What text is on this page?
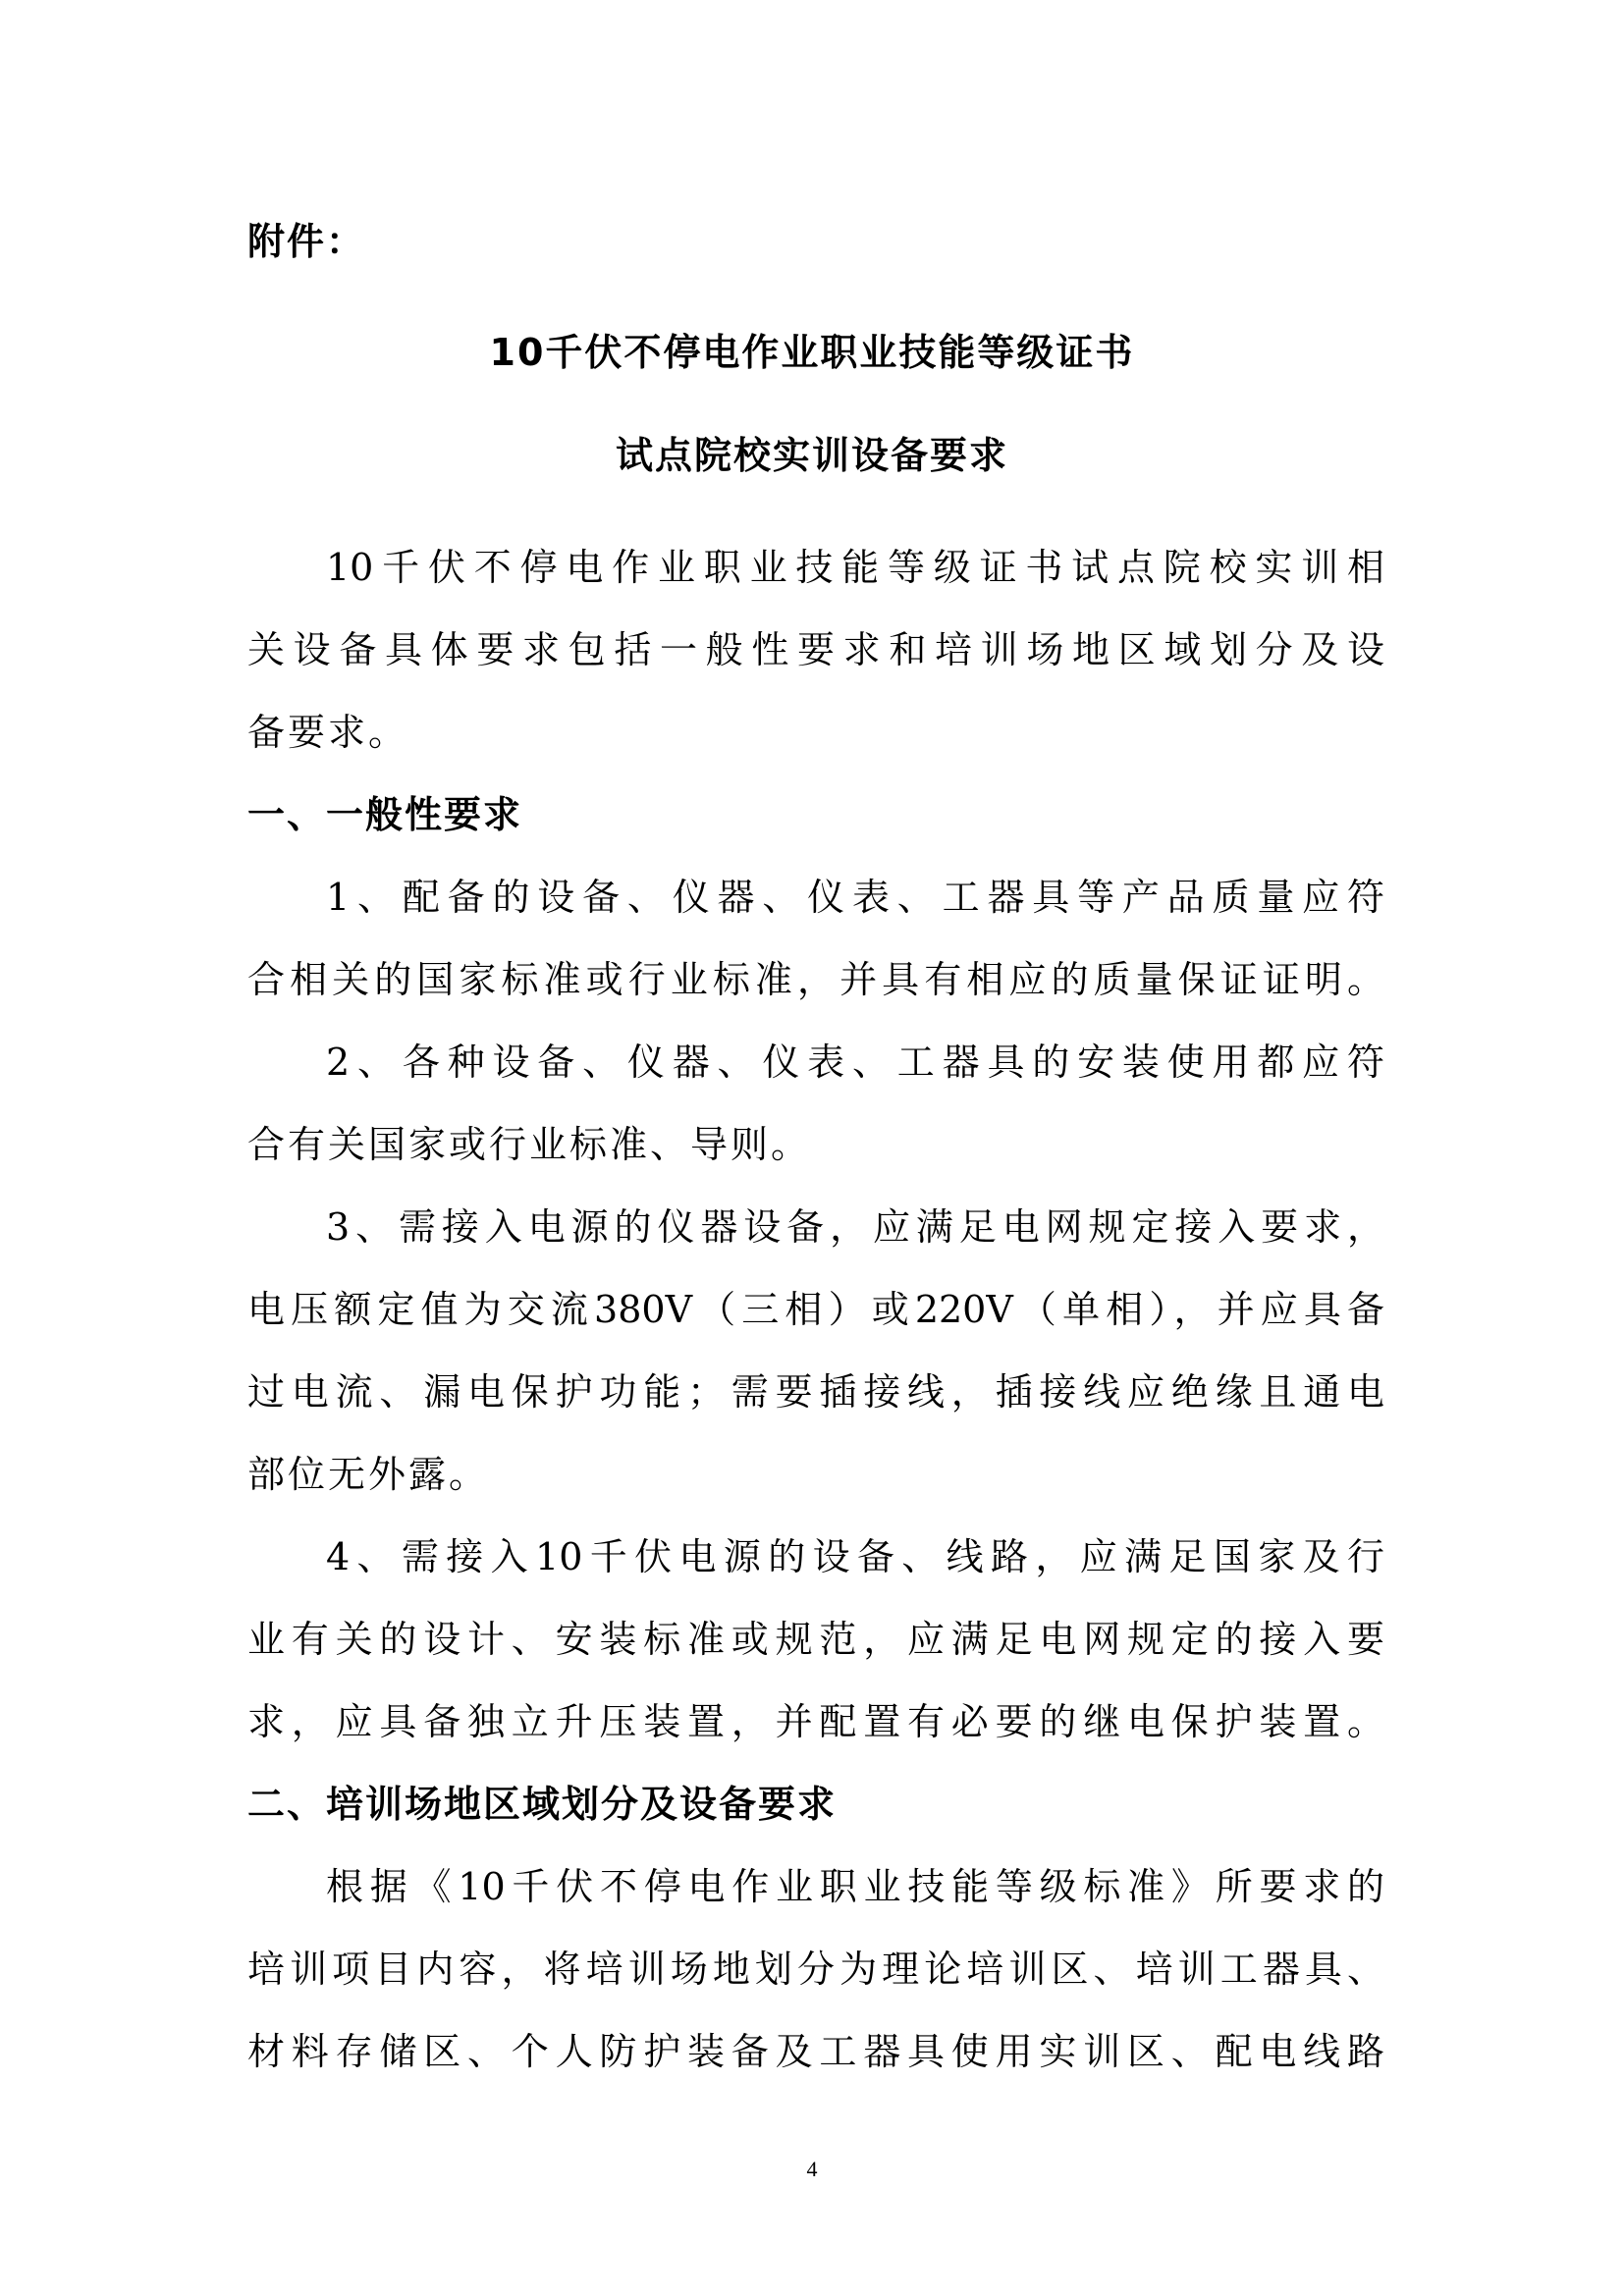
附件：
10千伏不停电作业职业技能等级证书
试点院校实训设备要求
10千伏不停电作业职业技能等级证书试点院校实训相
关设备具体要求包括一般性要求和培训场地区域划分及设
备要求。
一、一般性要求
1、配备的设备、仪器、仪表、工器具等产品质量应符
合相关的国家标准或行业标准，并具有相应的质量保证证明。
2、各种设备、仪器、仪表、工器具的安装使用都应符
合有关国家或行业标准、导则。
3、需接入电源的仪器设备，应满足电网规定接入要求，
电压额定值为交流380V（三相）或220V（单相），并应具备
过电流、漏电保护功能；需要插接线，插接线应绝缘且通电
部位无外露。
4、需接入10千伏电源的设备、线路，应满足国家及行
业有关的设计、安装标准或规范，应满足电网规定的接入要
求，应具备独立升压装置，并配置有必要的继电保护装置。
二、培训场地区域划分及设备要求
根据《10千伏不停电作业职业技能等级标准》所要求的
培训项目内容，将培训场地划分为理论培训区、培训工器具、
材料存储区、个人防护装备及工器具使用实训区、配电线路
4
